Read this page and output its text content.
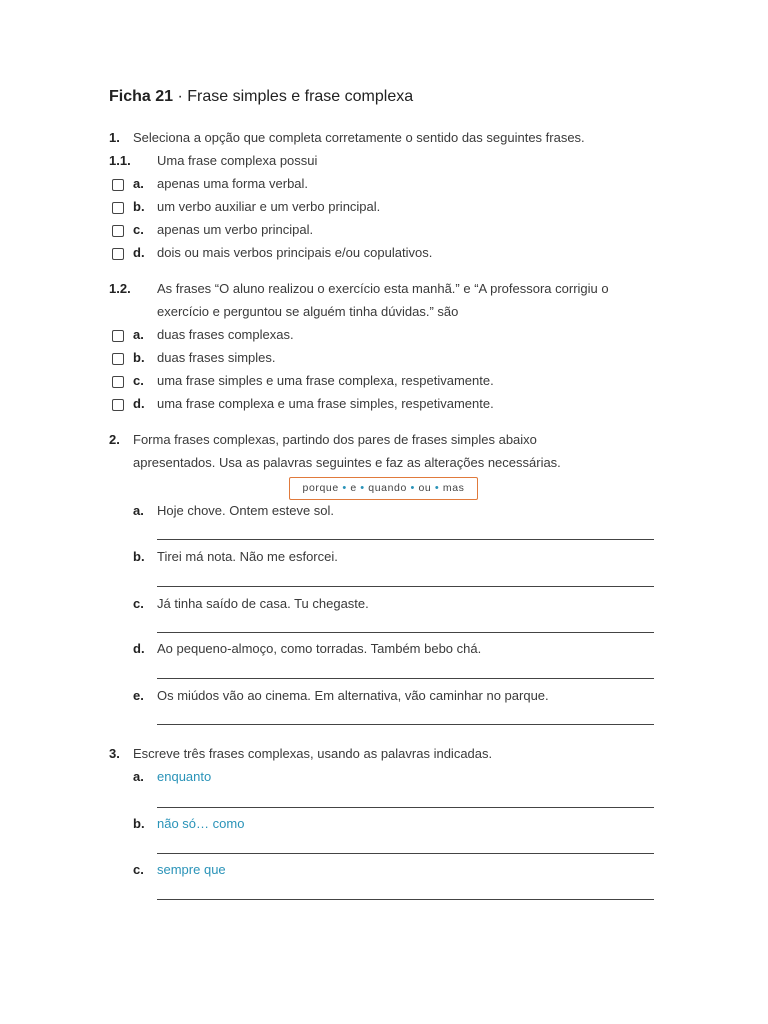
Ficha 21 · Frase simples e frase complexa
1. Seleciona a opção que completa corretamente o sentido das seguintes frases.
1.1. Uma frase complexa possui
a. apenas uma forma verbal.
b. um verbo auxiliar e um verbo principal.
c. apenas um verbo principal.
d. dois ou mais verbos principais e/ou copulativos.
1.2. As frases “O aluno realizou o exercício esta manhã.” e “A professora corrigiu o
exercício e perguntou se alguém tinha dúvidas.” são
a. duas frases complexas.
b. duas frases simples.
c. uma frase simples e uma frase complexa, respetivamente.
d. uma frase complexa e uma frase simples, respetivamente.
2. Forma frases complexas, partindo dos pares de frases simples abaixo
apresentados. Usa as palavras seguintes e faz as alterações necessárias.
porque • e • quando • ou • mas
a. Hoje chove. Ontem esteve sol.
b. Tirei má nota. Não me esforcei.
c. Já tinha saído de casa. Tu chegaste.
d. Ao pequeno-almoço, como torradas. Também bebo chá.
e. Os miúdos vão ao cinema. Em alternativa, vão caminhar no parque.
3. Escreve três frases complexas, usando as palavras indicadas.
a. enquanto
b. não só… como
c. sempre que
